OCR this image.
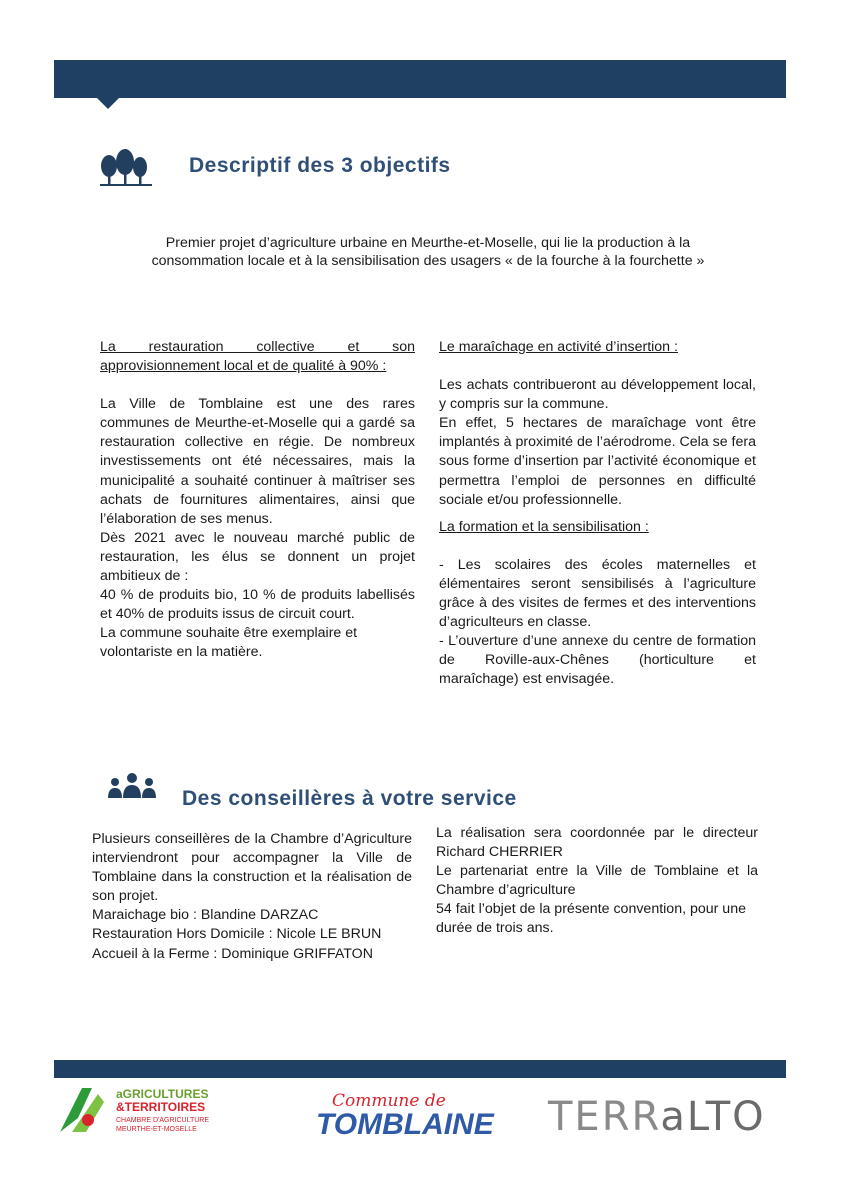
Descriptif des 3 objectifs
Premier projet d’agriculture urbaine en Meurthe-et-Moselle, qui lie la production à la
consommation locale et à la sensibilisation des usagers « de la fourche à la fourchette »

La restauration collective et son approvisionnement local et de qualité à 90% :

La Ville de Tomblaine est une des rares communes de Meurthe-et-Moselle qui a gardé sa restauration collective en régie. De nombreux investissements ont été nécessaires, mais la municipalité a souhaité continuer à maîtriser ses achats de fournitures alimentaires, ainsi que l’élaboration de ses menus.

Dès 2021 avec le nouveau marché public de restauration, les élus se donnent un projet ambitieux de :

40 % de produits bio, 10 % de produits labellisés et 40% de produits issus de circuit court.

La commune souhaite être exemplaire et volontariste en la matière.

Le maraîchage en activité d’insertion :

Les achats contribueront au développement local, y compris sur la commune.

En effet, 5 hectares de maraîchage vont être implantés à proximité de l’aérodrome. Cela se fera sous forme d’insertion par l’activité économique et permettra l’emploi de personnes en difficulté sociale et/ou professionnelle.

La formation et la sensibilisation :

- Les scolaires des écoles maternelles et élémentaires seront sensibilisés à l’agriculture grâce à des visites de fermes et des interventions d’agriculteurs en classe.

- L’ouverture d’une annexe du centre de formation de Roville-aux-Chênes (horticulture et maraîchage) est envisagée.

Des conseillères à votre service

Plusieurs conseillères de la Chambre d’Agriculture interviendront pour accompagner la Ville de Tomblaine dans la construction et la réalisation de son projet.

Maraichage bio : Blandine DARZAC

Restauration Hors Domicile : Nicole LE BRUN

Accueil à la Ferme : Dominique GRIFFATON

La réalisation sera coordonnée par le directeur Richard CHERRIER

Le partenariat entre la Ville de Tomblaine et la Chambre d’agriculture

54 fait l’objet de la présente convention, pour une durée de trois ans.

aGRICULTURES
&TERRITOIRES
CHAMBRE D'AGRICULTURE
MEURTHE-ET-MOSELLE
Commune de
TOMBLAINE TERRaLTO
